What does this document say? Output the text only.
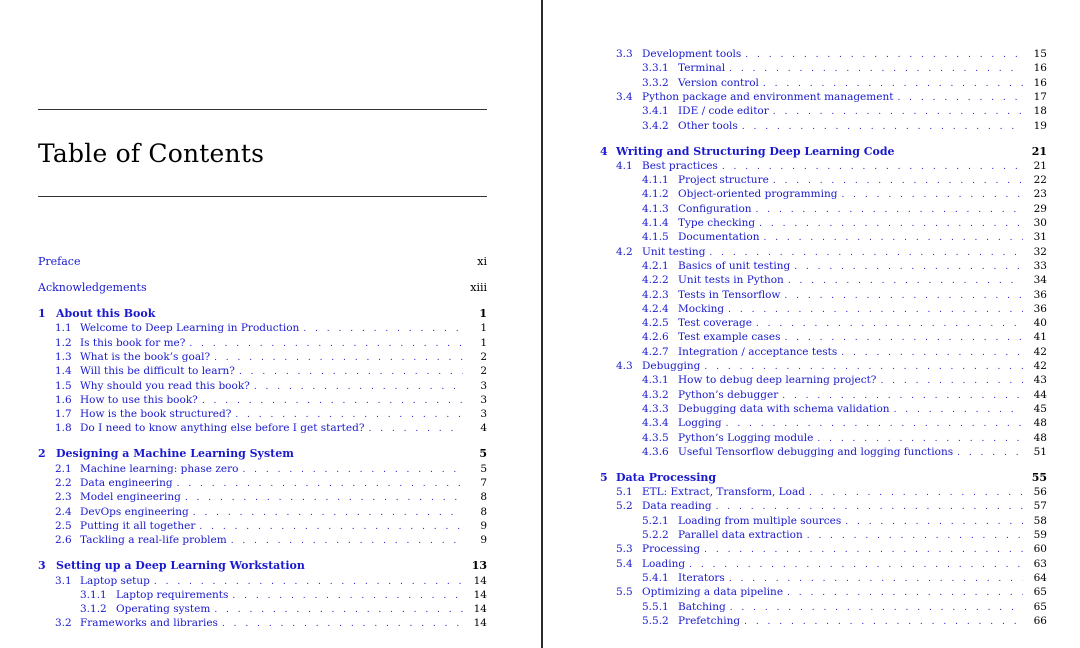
Table of Contents
Preface	xi
Acknowledgements	xiii
1 About this Book	1
1.1 Welcome to Deep Learning in Production . . .	1
1.2 Is this book for me? . . .	1
1.3 What is the book’s goal? . . .	2
1.4 Will this be difficult to learn? . . .	2
1.5 Why should you read this book? . . .	3
1.6 How to use this book? . . .	3
1.7 How is the book structured? . . .	3
1.8 Do I need to know anything else before I get started? . . .	4
2 Designing a Machine Learning System	5
2.1 Machine learning: phase zero . . .	5
2.2 Data engineering . . .	7
2.3 Model engineering . . .	8
2.4 DevOps engineering . . .	8
2.5 Putting it all together . . .	9
2.6 Tackling a real-life problem . . .	9
3 Setting up a Deep Learning Workstation	13
3.1 Laptop setup . . .	14
3.1.1 Laptop requirements . . .	14
3.1.2 Operating system . . .	14
3.2 Frameworks and libraries . . .	14
3.3 Development tools . . .	15
3.3.1 Terminal . . .	16
3.3.2 Version control . . .	16
3.4 Python package and environment management . . .	17
3.4.1 IDE / code editor . . .	18
3.4.2 Other tools . . .	19
4 Writing and Structuring Deep Learning Code	21
4.1 Best practices . . .	21
4.1.1 Project structure . . .	22
4.1.2 Object-oriented programming . . .	23
4.1.3 Configuration . . .	29
4.1.4 Type checking . . .	30
4.1.5 Documentation . . .	31
4.2 Unit testing . . .	32
4.2.1 Basics of unit testing . . .	33
4.2.2 Unit tests in Python . . .	34
4.2.3 Tests in Tensorflow . . .	36
4.2.4 Mocking . . .	36
4.2.5 Test coverage . . .	40
4.2.6 Test example cases . . .	41
4.2.7 Integration / acceptance tests . . .	42
4.3 Debugging . . .	42
4.3.1 How to debug deep learning project? . . .	43
4.3.2 Python’s debugger . . .	44
4.3.3 Debugging data with schema validation . . .	45
4.3.4 Logging . . .	48
4.3.5 Python’s Logging module . . .	48
4.3.6 Useful Tensorflow debugging and logging functions . . .	51
5 Data Processing	55
5.1 ETL: Extract, Transform, Load . . .	56
5.2 Data reading . . .	57
5.2.1 Loading from multiple sources . . .	58
5.2.2 Parallel data extraction . . .	59
5.3 Processing . . .	60
5.4 Loading . . .	63
5.4.1 Iterators . . .	64
5.5 Optimizing a data pipeline . . .	65
5.5.1 Batching . . .	65
5.5.2 Prefetching . . .	66
